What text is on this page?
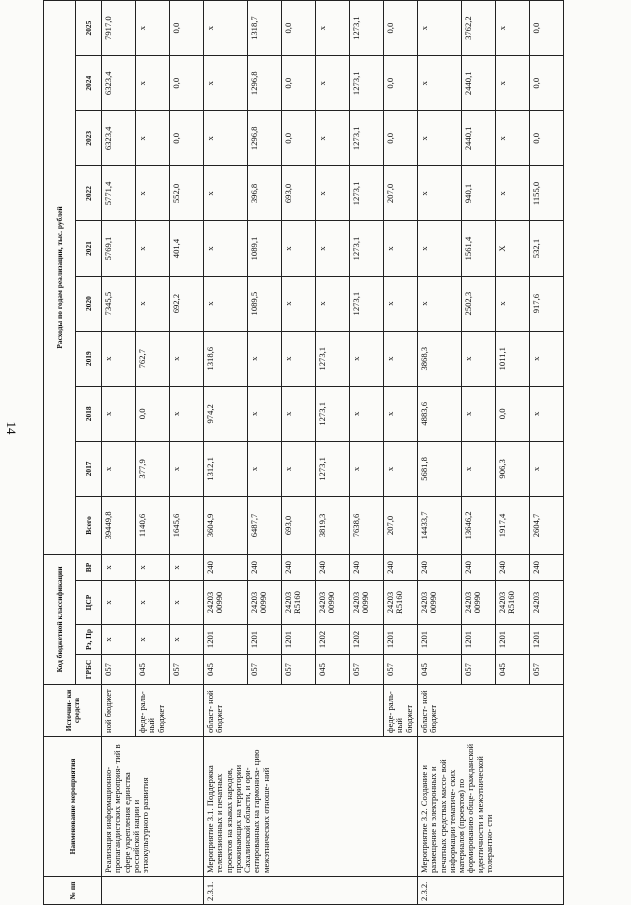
14
№ пп	Наименование мероприятия	Источни- ки средств	Код бюджетной классификации				Расходы по годам реализации, тыс. рублей									
			ГРБС	Рз, Пр	ЦСР	ВР	Всего	2017	2018	2019	2020	2021	2022	2023	2024	2025
	Реализация информационно-пропагандистских мероприя- тий в сфере укрепления единства российской нации и этнокультурного развития	ной бюджет	057	x	x	x	39449,8	x	x	x	7345,5	5769,1	5771,4	6323,4	6323,4	7917,0
		феде- раль- ный бюджет	045	x	x	x	1140,6	377,9	0,0	762,7	x	x	x	x	x	x
			057	x	x	x	1645,6	x	x	x	692,2	401,4	552,0	0,0	0,0	0,0
2.3.1.	Мероприятие 3.1. Поддержка телевизионных и печатных проектов на языках народов, проживающих на территории Сахалинской области, и ори- ентированных на гармониза- цию межэтнических отноше- ний	област- ной бюджет	045	1201	24203 00990	240	3604,9	1312,1	974,2	1318,6	x	x	x	x	x	x
			057	1201	24203 00990	240	6487,7	x	x	x	1089,5	1089,1	396,8	1296,8	1296,8	1318,7
			057	1201	24203 R5160	240	693,0	x	x	x	x	x	693,0	0,0	0,0	0,0
			045	1202	24203 00990	240	3819,3	1273,1	1273,1	1273,1	x	x	x	x	x	x
			057	1202	24203 00990	240	7638,6	x	x	x	1273,1	1273,1	1273,1	1273,1	1273,1	1273,1
		феде- раль- ный бюджет	057	1201	24203 R5160	240	207,0	x	x	x	x	x	207,0	0,0	0,0	0,0
2.3.2.	Мероприятие 3.2. Создание и размещение в электронных и печатных средствах массо- вой информации тематиче- ских материалов (проектов) по формированию обще- гражданской идентичности и межэтнической толерантно- сти	област- ной бюджет	045	1201	24203 00990	240	14433,7	5681,8	4883,6	3868,3	x	x	x	x	x	x
			057	1201	24203 00990	240	13646,2	x	x	x	2502,3	1561,4	940,1	2440,1	2440,1	3762,2
			045	1201	24203 R5160	240	1917,4	906,3	0,0	1011,1	x	X	x	x	x	x
			057	1201	24203	240	2604,7	x	x	x	917,6	532,1	1155,0	0,0	0,0	0,0
